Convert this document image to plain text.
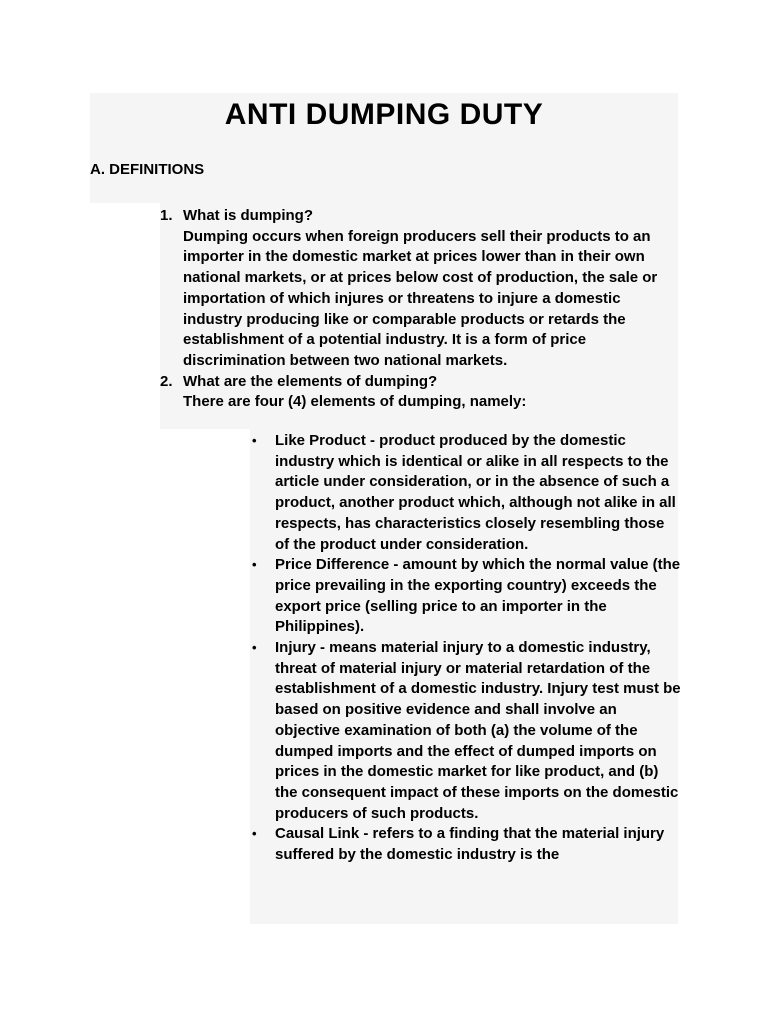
ANTI DUMPING DUTY
A. DEFINITIONS
1. What is dumping?

Dumping occurs when foreign producers sell their products to an importer in the domestic market at prices lower than in their own national markets, or at prices below cost of production, the sale or importation of which injures or threatens to injure a domestic industry producing like or comparable products or retards the establishment of a potential industry. It is a form of price discrimination between two national markets.

2. What are the elements of dumping?

There are four (4) elements of dumping, namely:

• Like Product - product produced by the domestic industry which is identical or alike in all respects to the article under consideration, or in the absence of such a product, another product which, although not alike in all respects, has characteristics closely resembling those of the product under consideration.
• Price Difference - amount by which the normal value (the price prevailing in the exporting country) exceeds the export price (selling price to an importer in the Philippines).
• Injury - means material injury to a domestic industry, threat of material injury or material retardation of the establishment of a domestic industry. Injury test must be based on positive evidence and shall involve an objective examination of both (a) the volume of the dumped imports and the effect of dumped imports on prices in the domestic market for like product, and (b) the consequent impact of these imports on the domestic producers of such products.
• Causal Link - refers to a finding that the material injury suffered by the domestic industry is the
